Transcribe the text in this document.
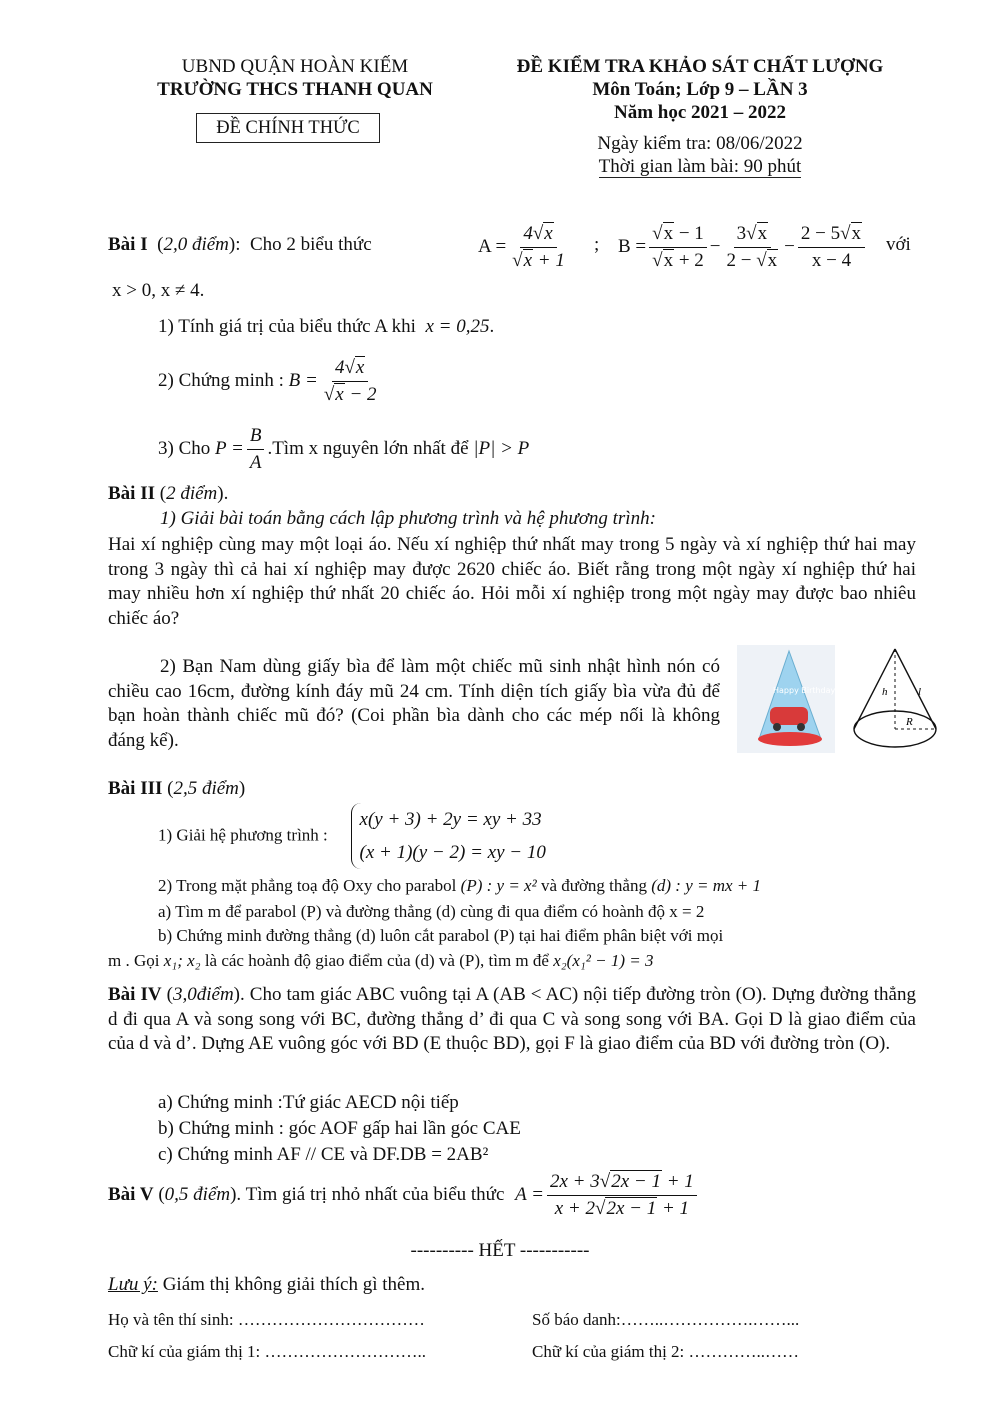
UBND QUẬN HOÀN KIẾM
TRƯỜNG THCS THANH QUAN
ĐỀ CHÍNH THỨC
ĐỀ KIỂM TRA KHẢO SÁT CHẤT LƯỢNG
Môn Toán; Lớp 9 – LẦN 3
Năm học 2021 – 2022
Ngày kiểm tra: 08/06/2022
Thời gian làm bài: 90 phút
Bài I  (2,0 điểm):  Cho 2 biểu thức	$A = \frac{4√x}{√x + 1}$ ; $B = \frac{√x - 1}{√x + 2} - \frac{3√x}{2 - √x} - \frac{2 - 5√x}{x - 4}$ với
x > 0, x ≠ 4.
1) Tính giá trị của biểu thức A khi x = 0,25.
2) Chứng minh : $B = \frac{4√x}{√x - 2}$
3) Cho $P = \frac{B}{A}$ .Tìm x nguyên lớn nhất để |P| > P
Bài II (2 điểm).
1) Giải bài toán bằng cách lập phương trình và hệ phương trình:
Hai xí nghiệp cùng may một loại áo. Nếu xí nghiệp thứ nhất may trong 5 ngày và xí nghiệp thứ hai may trong 3 ngày thì cả hai xí nghiệp may được 2620 chiếc áo. Biết rằng trong một ngày xí nghiệp thứ hai may nhiều hơn xí nghiệp thứ nhất 20 chiếc áo. Hỏi mỗi xí nghiệp trong một ngày may được bao nhiêu chiếc áo?
2) Bạn Nam dùng giấy bìa để làm một chiếc mũ sinh nhật hình nón có chiều cao 16cm, đường kính đáy mũ 24 cm. Tính diện tích giấy bìa vừa đủ để bạn hoàn thành chiếc mũ đó? (Coi phần bìa dành cho các mép nối là không đáng kể).
Happy Birthday	h	l
R
Bài III (2,5 điểm)
1) Giải hệ phương trình :
x(y + 3) + 2y = xy + 33
(x + 1)(y − 2) = xy − 10
2) Trong mặt phẳng toạ độ Oxy cho parabol (P) : y = x² và đường thẳng (d) : y = mx + 1
a) Tìm m để parabol (P) và đường thẳng (d) cùng đi qua điểm có hoành độ x = 2
b) Chứng minh đường thẳng (d) luôn cắt parabol (P) tại hai điểm phân biệt với mọi
m . Gọi x₁; x₂ là các hoành độ giao điểm của (d) và (P), tìm m để x₂(x₁² − 1) = 3
Bài IV (3,0điểm). Cho tam giác ABC vuông tại A (AB < AC) nội tiếp đường tròn (O). Dựng đường thẳng d đi qua A và song song với BC, đường thẳng d’ đi qua C và song song với BA. Gọi D là giao điểm của của d và d’. Dựng AE vuông góc với BD (E thuộc BD), gọi F là giao điểm của BD với đường tròn (O).
a) Chứng minh :Tứ giác AECD nội tiếp
b) Chứng minh : góc AOF gấp hai lần góc CAE
c) Chứng minh AF // CE và DF.DB = 2AB²
Bài V (0,5 điểm). Tìm giá trị nhỏ nhất của biểu thức $A = \frac{2x + 3√2x - 1 + 1}{x + 2√2x - 1 + 1}$
---------- HẾT -----------
Lưu ý: Giám thị không giải thích gì thêm.
Họ và tên thí sinh: ……………………………	Số báo danh:……..…………….……...
Chữ kí của giám thị 1: ………………………..	Chữ kí của giám thị 2: …………..……
